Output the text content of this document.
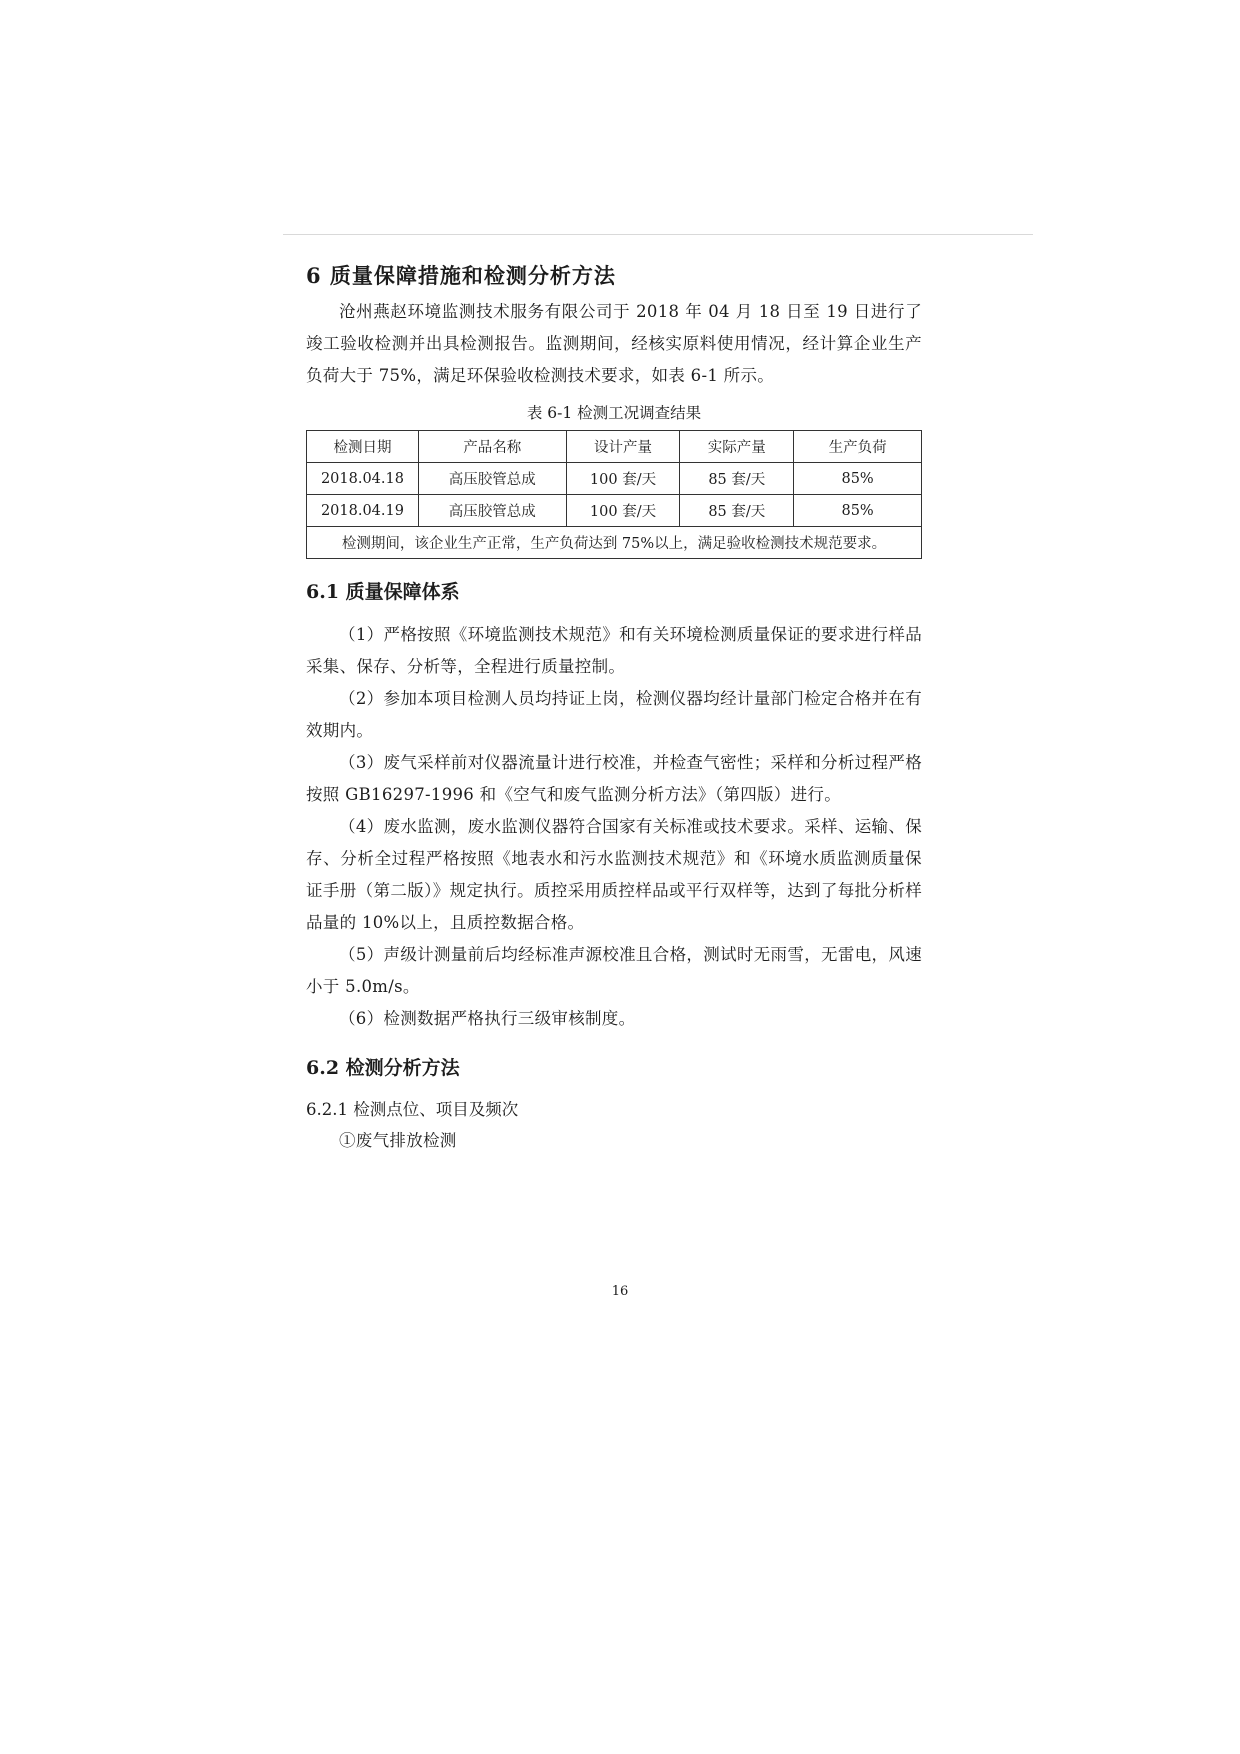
6 质量保障措施和检测分析方法

沧州燕赵环境监测技术服务有限公司于 2018 年 04 月 18 日至 19 日进行了竣工验收检测并出具检测报告。监测期间，经核实原料使用情况，经计算企业生产负荷大于 75%，满足环保验收检测技术要求，如表 6-1 所示。

表 6-1 检测工况调查结果
检测日期	产品名称	设计产量	实际产量	生产负荷
2018.04.18	高压胶管总成	100 套/天	85 套/天	85%
2018.04.19	高压胶管总成	100 套/天	85 套/天	85%
检测期间，该企业生产正常，生产负荷达到 75%以上，满足验收检测技术规范要求。				
6.1 质量保障体系

（1）严格按照《环境监测技术规范》和有关环境检测质量保证的要求进行样品采集、保存、分析等，全程进行质量控制。

（2）参加本项目检测人员均持证上岗，检测仪器均经计量部门检定合格并在有效期内。

（3）废气采样前对仪器流量计进行校准，并检查气密性；采样和分析过程严格按照 GB16297-1996 和《空气和废气监测分析方法》（第四版）进行。

（4）废水监测，废水监测仪器符合国家有关标准或技术要求。采样、运输、保存、分析全过程严格按照《地表水和污水监测技术规范》和《环境水质监测质量保证手册（第二版）》规定执行。质控采用质控样品或平行双样等，达到了每批分析样品量的 10%以上，且质控数据合格。

（5）声级计测量前后均经标准声源校准且合格，测试时无雨雪，无雷电，风速小于 5.0m/s。

（6）检测数据严格执行三级审核制度。

6.2 检测分析方法

6.2.1 检测点位、项目及频次

①废气排放检测

16
